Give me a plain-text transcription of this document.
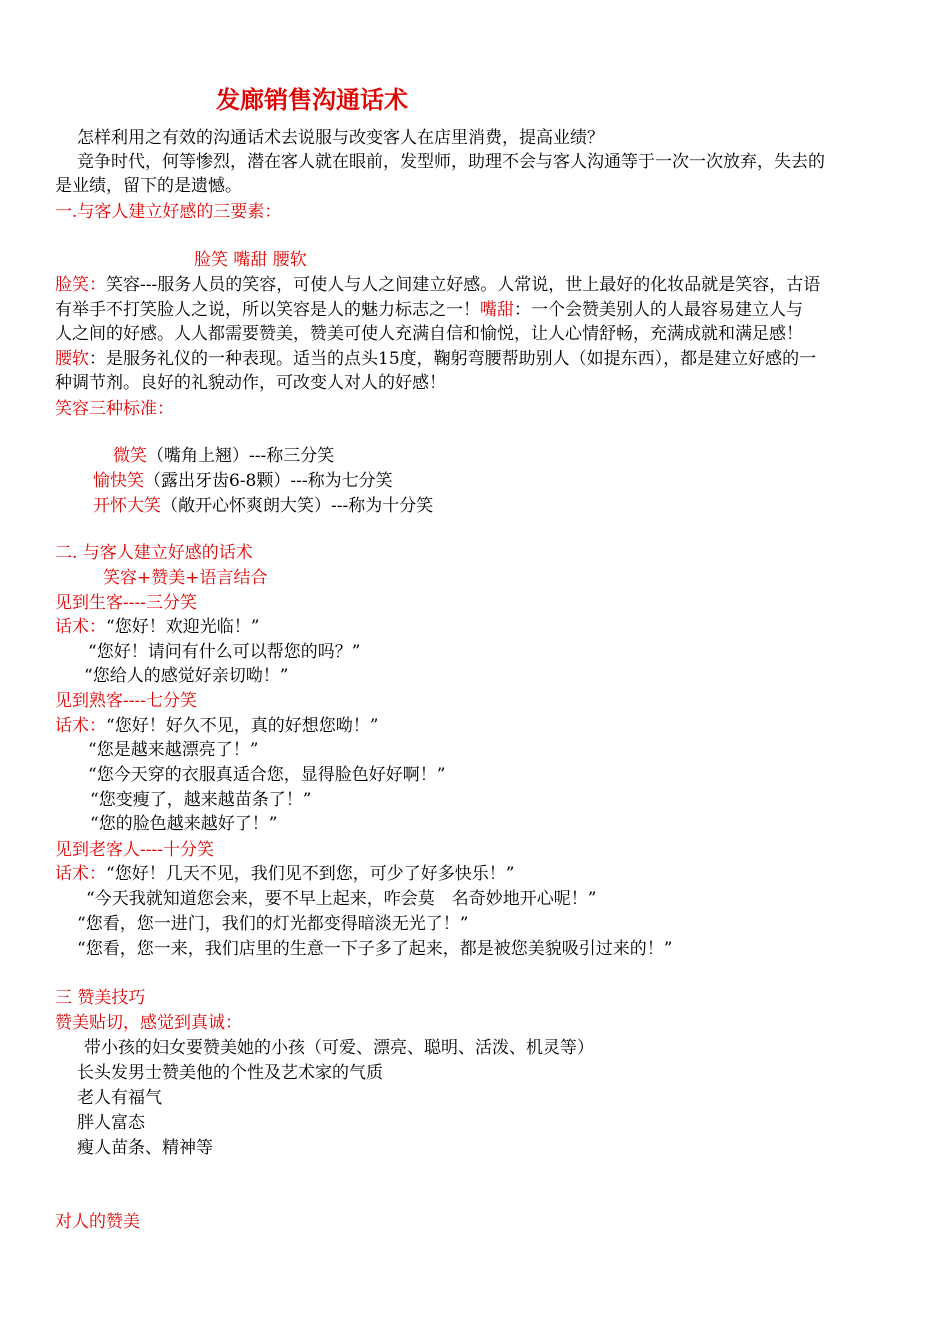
发廊销售沟通话术
怎样利用之有效的沟通话术去说服与改变客人在店里消费，提高业绩？
竞争时代，何等惨烈，潜在客人就在眼前，发型师，助理不会与客人沟通等于一次一次放弃，失去的
是业绩，留下的是遗憾。
一.与客人建立好感的三要素：
脸笑 嘴甜 腰软
脸笑：笑容---服务人员的笑容，可使人与人之间建立好感。人常说，世上最好的化妆品就是笑容，古语
有举手不打笑脸人之说，所以笑容是人的魅力标志之一！嘴甜：一个会赞美别人的人最容易建立人与
人之间的好感。人人都需要赞美，赞美可使人充满自信和愉悦，让人心情舒畅，充满成就和满足感！
腰软：是服务礼仪的一种表现。适当的点头15度，鞠躬弯腰帮助别人（如提东西），都是建立好感的一
种调节剂。良好的礼貌动作，可改变人对人的好感！
笑容三种标准：
微笑（嘴角上翘）---称三分笑
愉快笑（露出牙齿6-8颗）---称为七分笑
开怀大笑（敞开心怀爽朗大笑）---称为十分笑
二. 与客人建立好感的话术
笑容+赞美+语言结合
见到生客----三分笑
话术：“您好！欢迎光临！”
“您好！请问有什么可以帮您的吗？”
“您给人的感觉好亲切呦！”
见到熟客----七分笑
话术：“您好！好久不见，真的好想您呦！”
“您是越来越漂亮了！”
“您今天穿的衣服真适合您，显得脸色好好啊！”
“您变瘦了，越来越苗条了！”
“您的脸色越来越好了！”
见到老客人----十分笑
话术：“您好！几天不见，我们见不到您，可少了好多快乐！”
“今天我就知道您会来，要不早上起来，咋会莫　名奇妙地开心呢！”
“您看，您一进门，我们的灯光都变得暗淡无光了！”
“您看，您一来，我们店里的生意一下子多了起来，都是被您美貌吸引过来的！”
三 赞美技巧
赞美贴切，感觉到真诚：
带小孩的妇女要赞美她的小孩（可爱、漂亮、聪明、活泼、机灵等）
长头发男士赞美他的个性及艺术家的气质
老人有福气
胖人富态
瘦人苗条、精神等
对人的赞美
